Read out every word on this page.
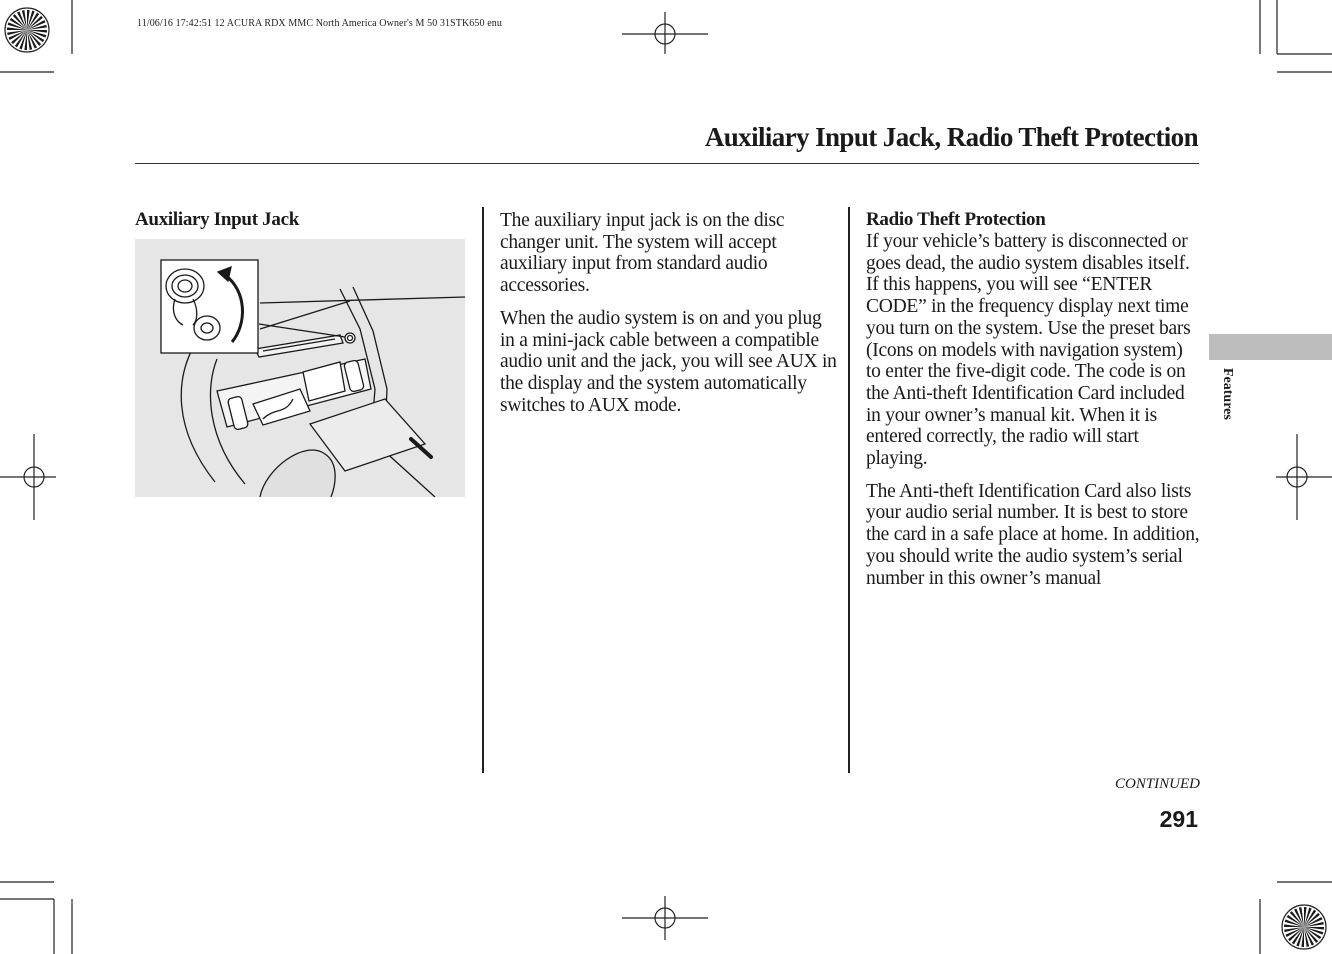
11/06/16 17:42:51 12 ACURA RDX MMC North America Owner's M 50 31STK650 enu
Auxiliary Input Jack, Radio Theft Protection
Auxiliary Input Jack	The auxiliary input jack is on the disc changer unit. The system will accept auxiliary input from standard audio accessories.

When the audio system is on and you plug in a mini-jack cable between a compatible audio unit and the jack, you will see AUX in the display and the system automatically switches to AUX mode.

Radio Theft Protection

If your vehicle’s battery is disconnected or goes dead, the audio system disables itself. If this happens, you will see “ENTER CODE” in the frequency display next time you turn on the system. Use the preset bars (Icons on models with navigation system) to enter the five-digit code. The code is on the Anti-theft Identification Card included in your owner’s manual kit. When it is entered correctly, the radio will start playing.

The Anti-theft Identification Card also lists your audio serial number. It is best to store the card in a safe place at home. In addition, you should write the audio system’s serial number in this owner’s manual

Features
CONTINUED
291
